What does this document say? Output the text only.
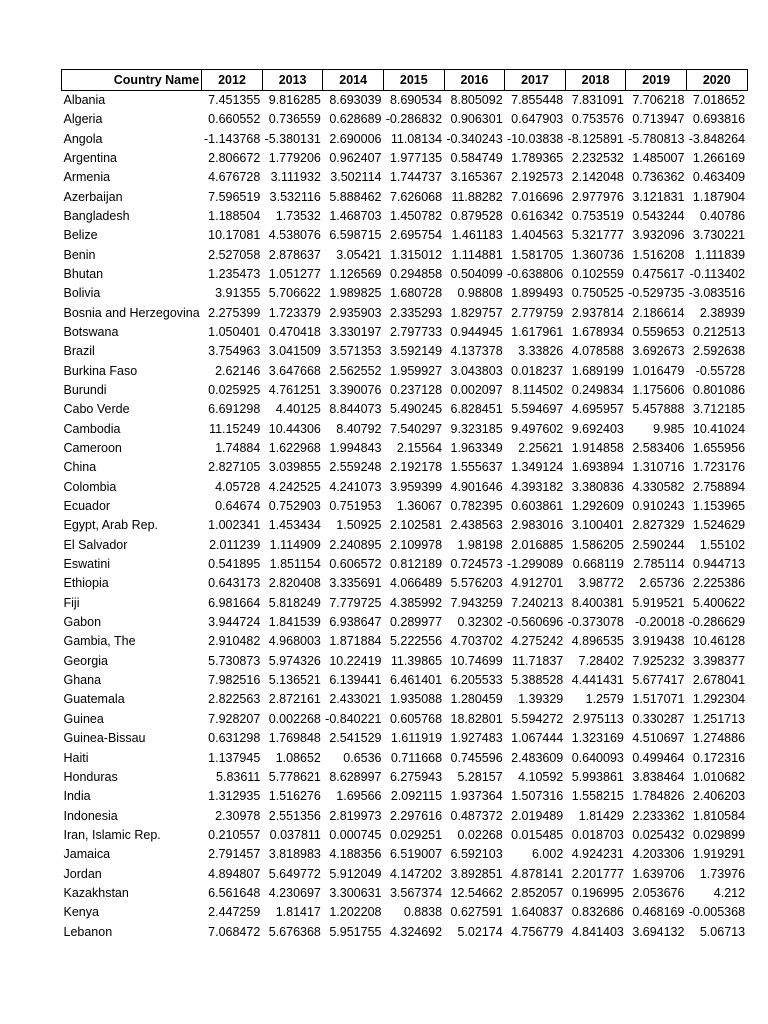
Country Name	2012	2013	2014	2015	2016	2017	2018	2019	2020
Albania	7.451355	9.816285	8.693039	8.690534	8.805092	7.855448	7.831091	7.706218	7.018652
Algeria	0.660552	0.736559	0.628689	-0.286832	0.906301	0.647903	0.753576	0.713947	0.693816
Angola	-1.143768	-5.380131	2.690006	11.08134	-0.340243	-10.03838	-8.125891	-5.780813	-3.848264
Argentina	2.806672	1.779206	0.962407	1.977135	0.584749	1.789365	2.232532	1.485007	1.266169
Armenia	4.676728	3.111932	3.502114	1.744737	3.165367	2.192573	2.142048	0.736362	0.463409
Azerbaijan	7.596519	3.532116	5.888462	7.626068	11.88282	7.016696	2.977976	3.121831	1.187904
Bangladesh	1.188504	1.73532	1.468703	1.450782	0.879528	0.616342	0.753519	0.543244	0.40786
Belize	10.17081	4.538076	6.598715	2.695754	1.461183	1.404563	5.321777	3.932096	3.730221
Benin	2.527058	2.878637	3.05421	1.315012	1.114881	1.581705	1.360736	1.516208	1.111839
Bhutan	1.235473	1.051277	1.126569	0.294858	0.504099	-0.638806	0.102559	0.475617	-0.113402
Bolivia	3.91355	5.706622	1.989825	1.680728	0.98808	1.899493	0.750525	-0.529735	-3.083516
Bosnia and Herzegovina	2.275399	1.723379	2.935903	2.335293	1.829757	2.779759	2.937814	2.186614	2.38939
Botswana	1.050401	0.470418	3.330197	2.797733	0.944945	1.617961	1.678934	0.559653	0.212513
Brazil	3.754963	3.041509	3.571353	3.592149	4.137378	3.33826	4.078588	3.692673	2.592638
Burkina Faso	2.62146	3.647668	2.562552	1.959927	3.043803	0.018237	1.689199	1.016479	-0.55728
Burundi	0.025925	4.761251	3.390076	0.237128	0.002097	8.114502	0.249834	1.175606	0.801086
Cabo Verde	6.691298	4.40125	8.844073	5.490245	6.828451	5.594697	4.695957	5.457888	3.712185
Cambodia	11.15249	10.44306	8.40792	7.540297	9.323185	9.497602	9.692403	9.985	10.41024
Cameroon	1.74884	1.622968	1.994843	2.15564	1.963349	2.25621	1.914858	2.583406	1.655956
China	2.827105	3.039855	2.559248	2.192178	1.555637	1.349124	1.693894	1.310716	1.723176
Colombia	4.05728	4.242525	4.241073	3.959399	4.901646	4.393182	3.380836	4.330582	2.758894
Ecuador	0.64674	0.752903	0.751953	1.36067	0.782395	0.603861	1.292609	0.910243	1.153965
Egypt, Arab Rep.	1.002341	1.453434	1.50925	2.102581	2.438563	2.983016	3.100401	2.827329	1.524629
El Salvador	2.011239	1.114909	2.240895	2.109978	1.98198	2.016885	1.586205	2.590244	1.55102
Eswatini	0.541895	1.851154	0.606572	0.812189	0.724573	-1.299089	0.668119	2.785114	0.944713
Ethiopia	0.643173	2.820408	3.335691	4.066489	5.576203	4.912701	3.98772	2.65736	2.225386
Fiji	6.981664	5.818249	7.779725	4.385992	7.943259	7.240213	8.400381	5.919521	5.400622
Gabon	3.944724	1.841539	6.938647	0.289977	0.32302	-0.560696	-0.373078	-0.20018	-0.286629
Gambia, The	2.910482	4.968003	1.871884	5.222556	4.703702	4.275242	4.896535	3.919438	10.46128
Georgia	5.730873	5.974326	10.22419	11.39865	10.74699	11.71837	7.28402	7.925232	3.398377
Ghana	7.982516	5.136521	6.139441	6.461401	6.205533	5.388528	4.441431	5.677417	2.678041
Guatemala	2.822563	2.872161	2.433021	1.935088	1.280459	1.39329	1.2579	1.517071	1.292304
Guinea	7.928207	0.002268	-0.840221	0.605768	18.82801	5.594272	2.975113	0.330287	1.251713
Guinea-Bissau	0.631298	1.769848	2.541529	1.611919	1.927483	1.067444	1.323169	4.510697	1.274886
Haiti	1.137945	1.08652	0.6536	0.711668	0.745596	2.483609	0.640093	0.499464	0.172316
Honduras	5.83611	5.778621	8.628997	6.275943	5.28157	4.10592	5.993861	3.838464	1.010682
India	1.312935	1.516276	1.69566	2.092115	1.937364	1.507316	1.558215	1.784826	2.406203
Indonesia	2.30978	2.551356	2.819973	2.297616	0.487372	2.019489	1.81429	2.233362	1.810584
Iran, Islamic Rep.	0.210557	0.037811	0.000745	0.029251	0.02268	0.015485	0.018703	0.025432	0.029899
Jamaica	2.791457	3.818983	4.188356	6.519007	6.592103	6.002	4.924231	4.203306	1.919291
Jordan	4.894807	5.649772	5.912049	4.147202	3.892851	4.878141	2.201777	1.639706	1.73976
Kazakhstan	6.561648	4.230697	3.300631	3.567374	12.54662	2.852057	0.196995	2.053676	4.212
Kenya	2.447259	1.81417	1.202208	0.8838	0.627591	1.640837	0.832686	0.468169	-0.005368
Lebanon	7.068472	5.676368	5.951755	4.324692	5.02174	4.756779	4.841403	3.694132	5.06713
